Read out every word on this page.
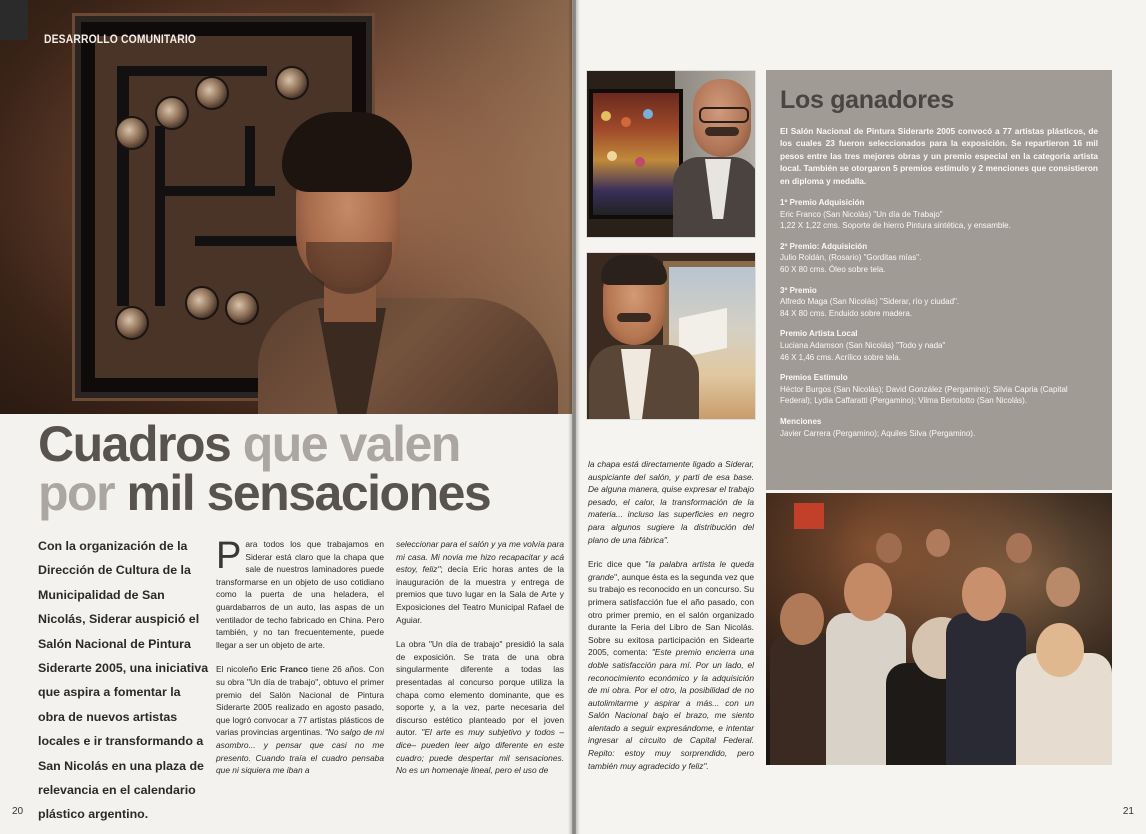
DESARROLLO COMUNITARIO
Cuadros que valen
por mil sensaciones

Con la organización de la Dirección de Cultura de la Municipalidad de San Nicolás, Siderar auspició el Salón Nacional de Pintura Siderarte 2005, una iniciativa que aspira a fomentar la obra de nuevos artistas locales e ir transformando a San Nicolás en una plaza de relevancia en el calendario plástico argentino.

Para todos los que trabajamos en Siderar está claro que la chapa que sale de nuestros laminadores puede transformarse en un objeto de uso cotidiano como la puerta de una heladera, el guardabarros de un auto, las aspas de un ventilador de techo fabricado en China. Pero también, y no tan frecuentemente, puede llegar a ser un objeto de arte.

El nicoleño Eric Franco tiene 26 años. Con su obra "Un día de trabajo", obtuvo el primer premio del Salón Nacional de Pintura Siderarte 2005 realizado en agosto pasado, que logró convocar a 77 artistas plásticos de varias provincias argentinas. "No salgo de mi asombro... y pensar que casi no me presento. Cuando traía el cuadro pensaba que ni siquiera me iban a

seleccionar para el salón y ya me volvía para mi casa. Mi novia me hizo recapacitar y acá estoy, feliz"; decía Eric horas antes de la inauguración de la muestra y entrega de premios que tuvo lugar en la Sala de Arte y Exposiciones del Teatro Municipal Rafael de Aguiar.

La obra "Un día de trabajo" presidió la sala de exposición. Se trata de una obra singularmente diferente a todas las presentadas al concurso porque utiliza la chapa como elemento dominante, que es soporte y, a la vez, parte necesaria del discurso estético planteado por el joven autor. "El arte es muy subjetivo y todos –dice– pueden leer algo diferente en este cuadro; puede despertar mil sensaciones. No es un homenaje lineal, pero el uso de

20

la chapa está directamente ligado a Siderar, auspiciante del salón, y parti de esa base. De alguna manera, quise expresar el trabajo pesado, el calor, la transformación de la materia... incluso las superficies en negro para algunos sugiere la distribución del plano de una fábrica".

Eric dice que "la palabra artista le queda grande", aunque ésta es la segunda vez que su trabajo es reconocido en un concurso. Su primera satisfacción fue el año pasado, con otro primer premio, en el salón organizado durante la Feria del Libro de San Nicolás. Sobre su exitosa participación en Sidearte 2005, comenta: "Este premio encierra una doble satisfacción para mí. Por un lado, el reconocimiento económico y la adquisición de mi obra. Por el otro, la posibilidad de no autolimitarme y aspirar a más... con un Salón Nacional bajo el brazo, me siento alentado a seguir expresándome, e intentar ingresar al circuito de Capital Federal. Repito: estoy muy sorprendido, pero también muy agradecido y feliz".

Los ganadores

El Salón Nacional de Pintura Siderarte 2005 convocó a 77 artistas plásticos, de los cuales 23 fueron seleccionados para la exposición. Se repartieron 16 mil pesos entre las tres mejores obras y un premio especial en la categoría artista local. También se otorgaron 5 premios estímulo y 2 menciones que consistieron en diploma y medalla.

1º Premio Adquisición
Eric Franco (San Nicolás) "Un día de Trabajo"
1,22 X 1,22 cms. Soporte de hierro Pintura sintética, y ensamble.
2º Premio: Adquisición
Julio Roldán, (Rosario) "Gorditas mías".
60 X 80 cms. Óleo sobre tela.
3º Premio
Alfredo Maga (San Nicolás) "Siderar, río y ciudad".
84 X 80 cms. Enduido sobre madera.
Premio Artista Local
Luciana Adamson (San Nicolás) "Todo y nada"
46 X 1,46 cms. Acrílico sobre tela.
Premios Estímulo
Héctor Burgos (San Nicolás); David González (Pergamino); Silvia Capria (Capital Federal); Lydia Caffaratti (Pergamino); Vilma Bertolotto (San Nicolás).
Menciones
Javier Carrera (Pergamino); Aquiles Silva (Pergamino).
21
